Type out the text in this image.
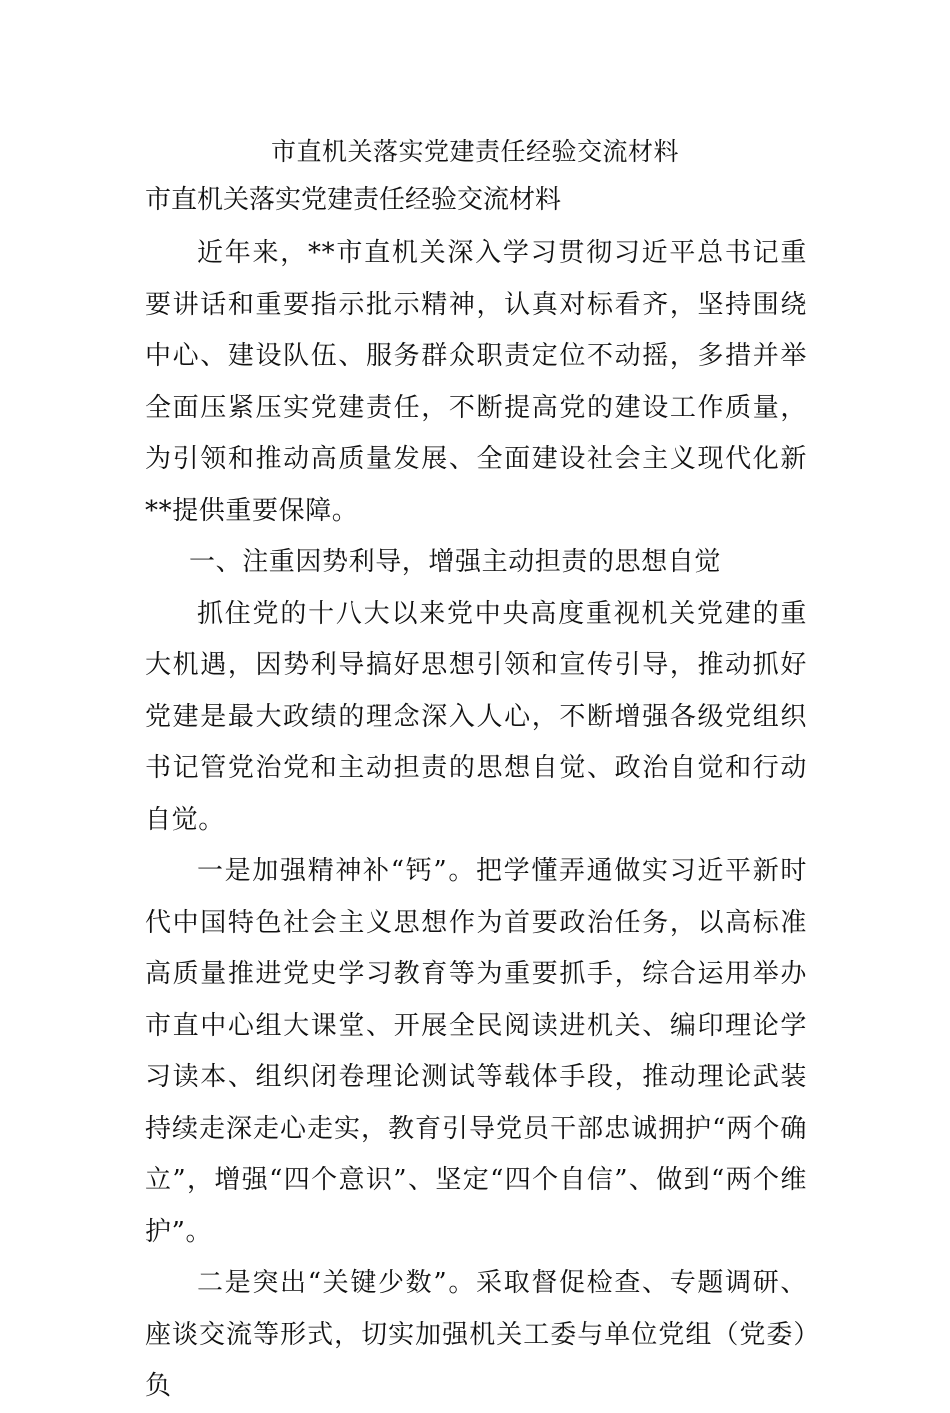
市直机关落实党建责任经验交流材料

市直机关落实党建责任经验交流材料

近年来，**市直机关深入学习贯彻习近平总书记重要讲话和重要指示批示精神，认真对标看齐，坚持围绕中心、建设队伍、服务群众职责定位不动摇，多措并举全面压紧压实党建责任，不断提高党的建设工作质量，为引领和推动高质量发展、全面建设社会主义现代化新**提供重要保障。

一、注重因势利导，增强主动担责的思想自觉

抓住党的十八大以来党中央高度重视机关党建的重大机遇，因势利导搞好思想引领和宣传引导，推动抓好党建是最大政绩的理念深入人心，不断增强各级党组织书记管党治党和主动担责的思想自觉、政治自觉和行动自觉。

一是加强精神补“钙”。把学懂弄通做实习近平新时代中国特色社会主义思想作为首要政治任务，以高标准高质量推进党史学习教育等为重要抓手，综合运用举办市直中心组大课堂、开展全民阅读进机关、编印理论学习读本、组织闭卷理论测试等载体手段，推动理论武装持续走深走心走实，教育引导党员干部忠诚拥护“两个确立”，增强“四个意识”、坚定“四个自信”、做到“两个维护”。

二是突出“关键少数”。采取督促检查、专题调研、座谈交流等形式，切实加强机关工委与单位党组（党委）负
